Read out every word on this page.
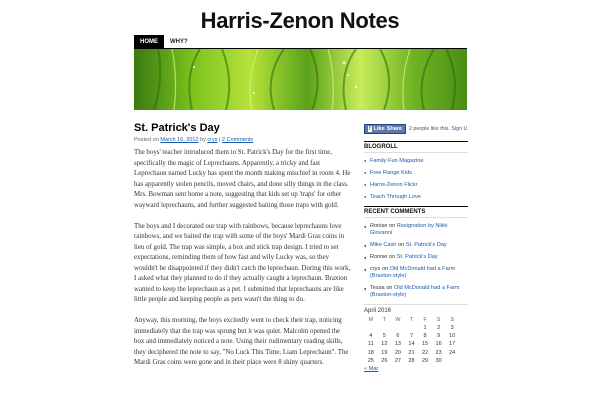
Harris-Zenon Notes
HOME	WHY?
St. Patrick's Day
Posted on March 16, 2012 by crys | 2 Comments

The boys' teacher introduced them to St. Patrick's Day for the first time, specifically the magic of Leprechauns. Apparently, a tricky and fast Leprechaun named Lucky has spent the month making mischief in room 4. He has apparently stolen pencils, moved chairs, and done silly things in the class. Mrs. Bowman sent home a note, suggesting that kids set up 'traps' for other wayward leprechauns, and further suggested baiting those traps with gold.

The boys and I decorated our trap with rainbows, because leprechauns love rainbows, and we baited the trap with some of the boys' Mardi Gras coins in lieu of gold. The trap was simple, a box and stick trap design. I tried to set expectations, reminding them of how fast and wily Lucky was, so they wouldn't be disappointed if they didn't catch the leprechaun. During this work, I asked what they planned to do if they actually caught a leprechaun. Braxton wanted to keep the leprechaun as a pet. I submitted that leprechauns are like little people and keeping people as pets wasn't the thing to do.

Anyway, this morning, the boys excitedly went to check their trap, noticing immediately that the trap was sprung but it was quiet. Malcolm opened the box and immediately noticed a note. Using their rudimentary reading skills, they deciphered the note to say, "No Luck This Time. Liam Leprechaun". The Mardi Gras coins were gone and in their place were 8 shiny quarters.

f Like Share 2 people like this. Sign U
BLOGROLL
● Family Fun Magazine
● Free Range Kids
● Harris-Zenon Flickr
● Teach Through Love
RECENT COMMENTS
● Ronise on Resignation by Nikki Giovanni
● Mike Cash on St. Patrick's Day
● Ronise on St. Patrick's Day
● crys on Old McDonald had a Farm (Braxton-style)
● Tessa on Old McDonald had a Farm (Braxton-style)
April 2016
M	T	W	T	F	S	S
				1	2	3
4	5	6	7	8	9	10
11	12	13	14	15	16	17
18	19	20	21	22	23	24
25	26	27	28	29	30	
« Mar
